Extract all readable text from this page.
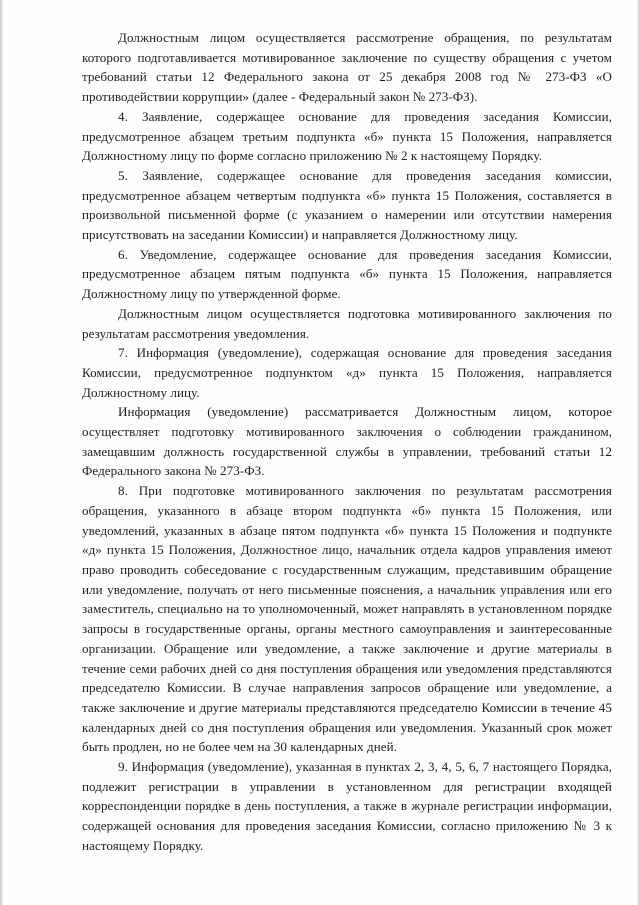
Должностным лицом осуществляется рассмотрение обращения, по результатам которого подготавливается мотивированное заключение по существу обращения с учетом требований статьи 12 Федерального закона от 25 декабря 2008 год № 273-ФЗ «О противодействии коррупции» (далее - Федеральный закон № 273-ФЗ).

4. Заявление, содержащее основание для проведения заседания Комиссии, предусмотренное абзацем третьим подпункта «б» пункта 15 Положения, направляется Должностному лицу по форме согласно приложению № 2 к настоящему Порядку.

5. Заявление, содержащее основание для проведения заседания комиссии, предусмотренное абзацем четвертым подпункта «б» пункта 15 Положения, составляется в произвольной письменной форме (с указанием о намерении или отсутствии намерения присутствовать на заседании Комиссии) и направляется Должностному лицу.

6. Уведомление, содержащее основание для проведения заседания Комиссии, предусмотренное абзацем пятым подпункта «б» пункта 15 Положения, направляется Должностному лицу по утвержденной форме.

Должностным лицом осуществляется подготовка мотивированного заключения по результатам рассмотрения уведомления.

7. Информация (уведомление), содержащая основание для проведения заседания Комиссии, предусмотренное подпунктом «д» пункта 15 Положения, направляется Должностному лицу.

Информация (уведомление) рассматривается Должностным лицом, которое осуществляет подготовку мотивированного заключения о соблюдении гражданином, замещавшим должность государственной службы в управлении, требований статьи 12 Федерального закона № 273-ФЗ.

8. При подготовке мотивированного заключения по результатам рассмотрения обращения, указанного в абзаце втором подпункта «б» пункта 15 Положения, или уведомлений, указанных в абзаце пятом подпункта «б» пункта 15 Положения и подпункте «д» пункта 15 Положения, Должностное лицо, начальник отдела кадров управления имеют право проводить собеседование с государственным служащим, представившим обращение или уведомление, получать от него письменные пояснения, а начальник управления или его заместитель, специально на то уполномоченный, может направлять в установленном порядке запросы в государственные органы, органы местного самоуправления и заинтересованные организации. Обращение или уведомление, а также заключение и другие материалы в течение семи рабочих дней со дня поступления обращения или уведомления представляются председателю Комиссии. В случае направления запросов обращение или уведомление, а также заключение и другие материалы представляются председателю Комиссии в течение 45 календарных дней со дня поступления обращения или уведомления. Указанный срок может быть продлен, но не более чем на 30 календарных дней.

9. Информация (уведомление), указанная в пунктах 2, 3, 4, 5, 6, 7 настоящего Порядка, подлежит регистрации в управлении в установленном для регистрации входящей корреспонденции порядке в день поступления, а также в журнале регистрации информации, содержащей основания для проведения заседания Комиссии, согласно приложению № 3 к настоящему Порядку.
